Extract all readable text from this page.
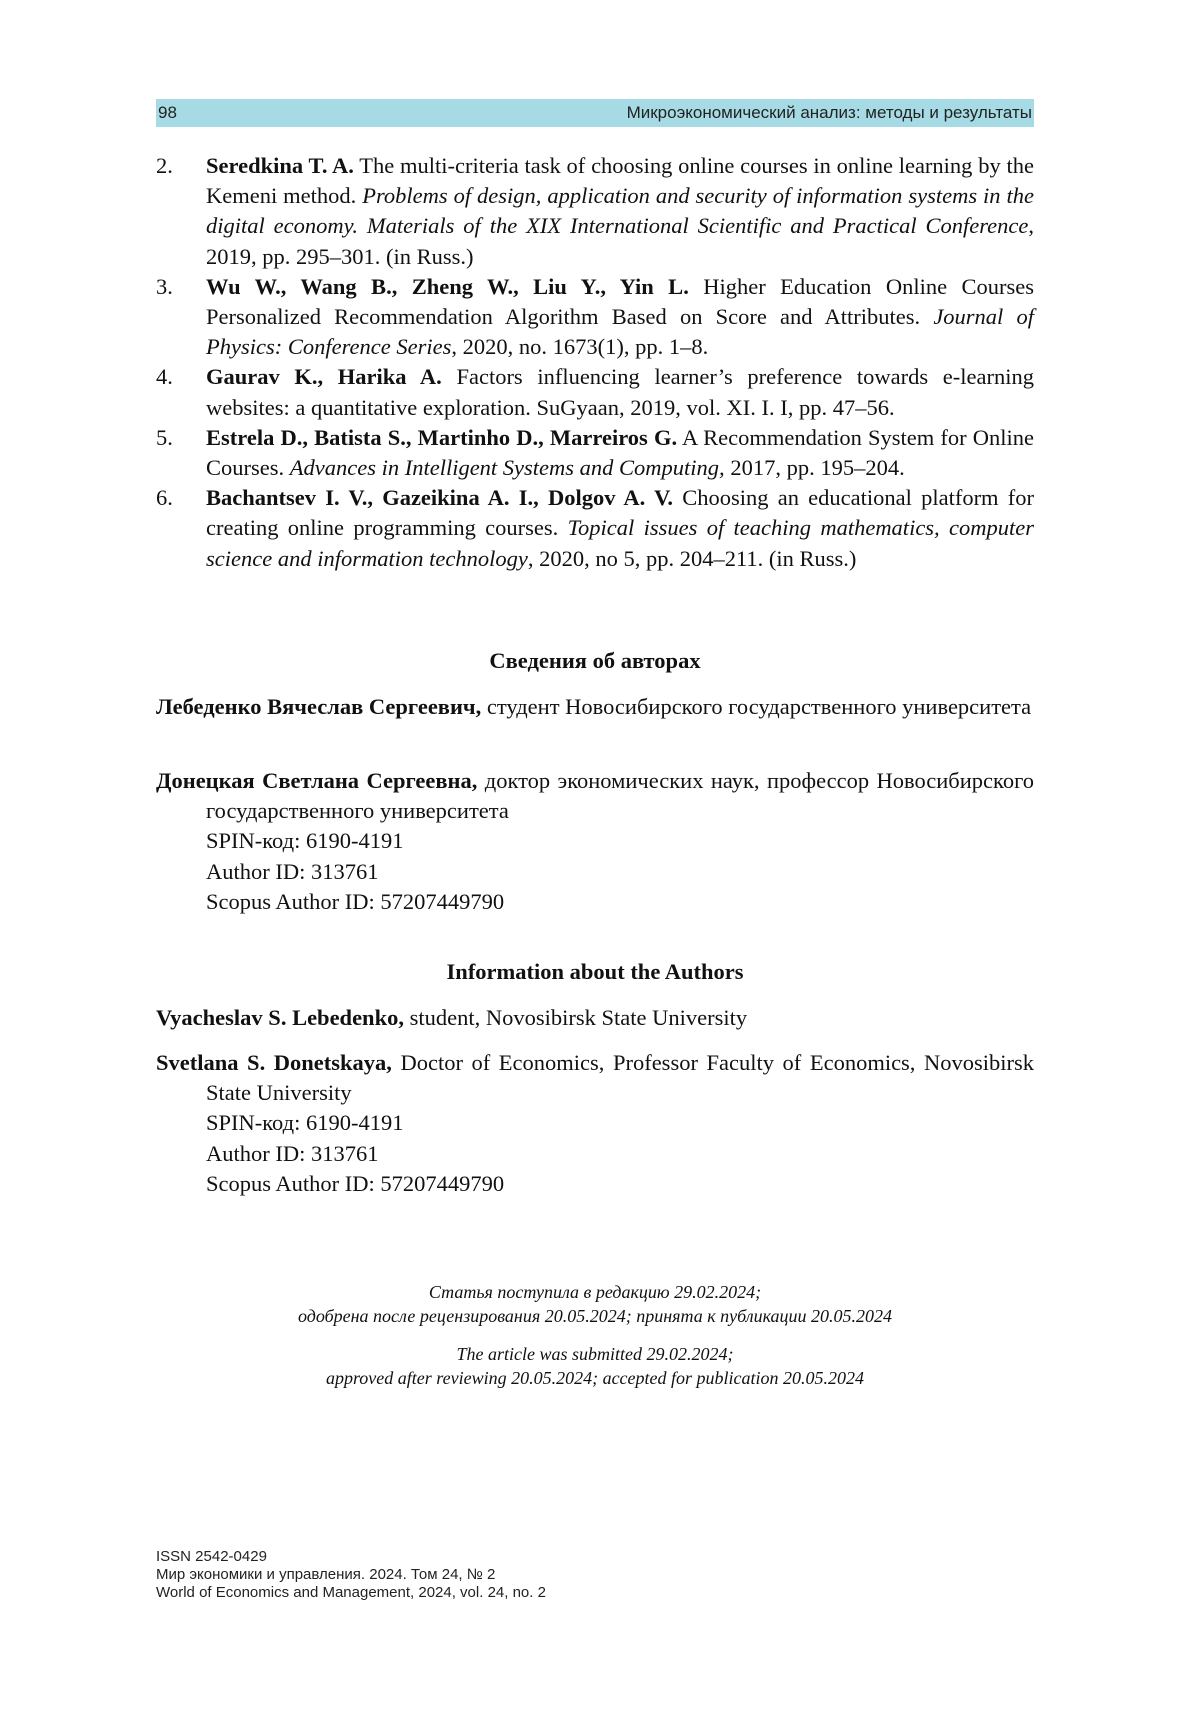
98	Микроэкономический анализ: методы и результаты
2.	Seredkina T. A. The multi-criteria task of choosing online courses in online learning by the Kemeni method. Problems of design, application and security of information systems in the digital economy. Materials of the XIX International Scientific and Practical Conference, 2019, pp. 295–301. (in Russ.)
3.	Wu W., Wang B., Zheng W., Liu Y., Yin L. Higher Education Online Courses Personalized Recommendation Algorithm Based on Score and Attributes. Journal of Physics: Conference Series, 2020, no. 1673(1), pp. 1–8.
4.	Gaurav K., Harika A. Factors influencing learner’s preference towards e-learning websites: a quantitative exploration. SuGyaan, 2019, vol. XI. I. I, pp. 47–56.
5.	Estrela D., Batista S., Martinho D., Marreiros G. A Recommendation System for Online Courses. Advances in Intelligent Systems and Computing, 2017, pp. 195–204.
6.	Bachantsev I. V., Gazeikina A. I., Dolgov A. V. Choosing an educational platform for creating online programming courses. Topical issues of teaching mathematics, computer science and information technology, 2020, no 5, pp. 204–211. (in Russ.)
Сведения об авторах
Лебеденко Вячеслав Сергеевич, студент Новосибирского государственного университета
Донецкая Светлана Сергеевна, доктор экономических наук, профессор Новосибирского государственного университета
SPIN-код: 6190-4191
Author ID: 313761
Scopus Author ID: 57207449790
Information about the Authors
Vyacheslav S. Lebedenko, student, Novosibirsk State University
Svetlana S. Donetskaya, Doctor of Economics, Professor Faculty of Economics, Novosibirsk State University
SPIN-код: 6190-4191
Author ID: 313761
Scopus Author ID: 57207449790
Статья поступила в редакцию 29.02.2024;
одобрена после рецензирования 20.05.2024; принята к публикации 20.05.2024
The article was submitted 29.02.2024;
approved after reviewing 20.05.2024; accepted for publication 20.05.2024
ISSN 2542-0429
Мир экономики и управления. 2024. Том 24, № 2
World of Economics and Management, 2024, vol. 24, no. 2
